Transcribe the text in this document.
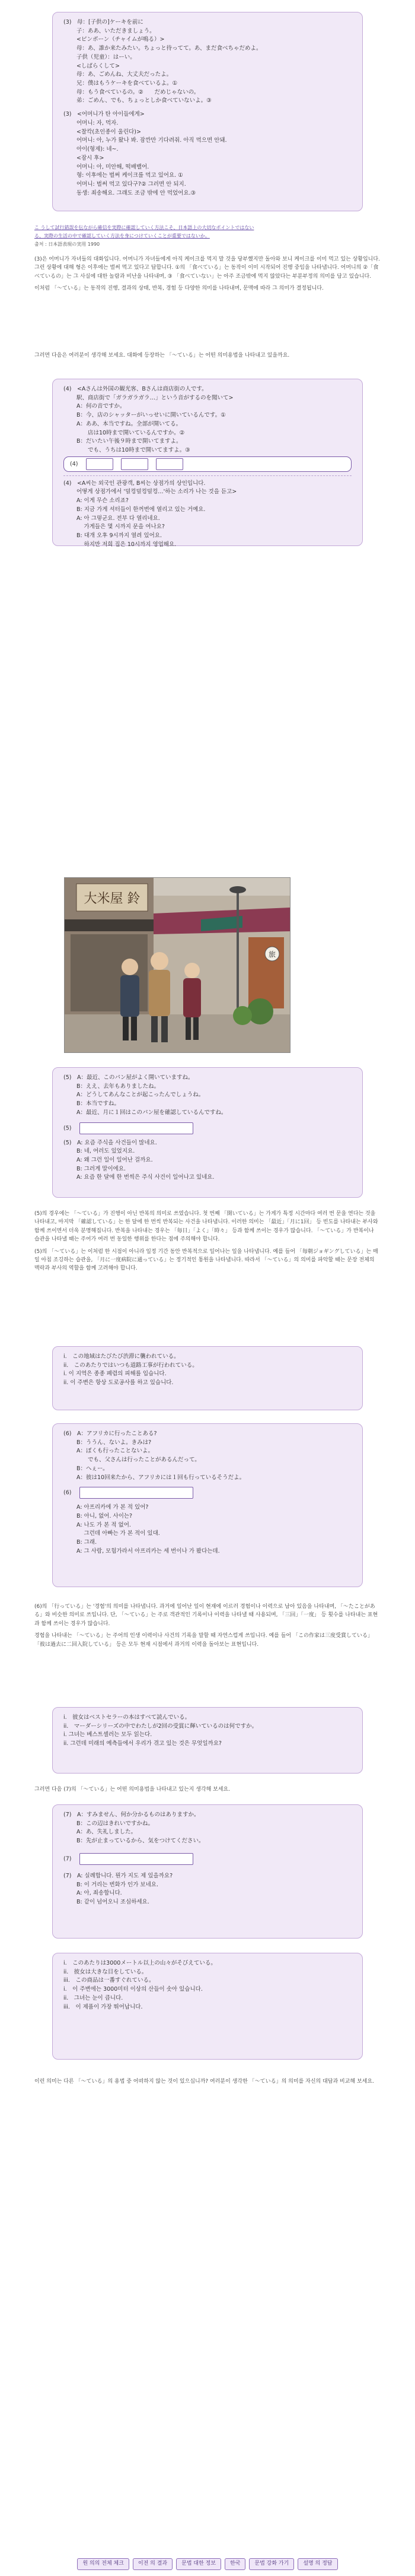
(3)　母：[子供の]ケーキを前に
子：ああ、いただきましょう。
<ピンポーン（チャイムが鳴る）>
母：あ、誰か来たみたい。ちょっと待ってて。あ、まだ食べちゃだめよ。
子供（児童）：はーい。
<しばらくして>
母：あ、ごめんね、大丈夫だったよ。
兄：僕はもうケーキを食べているよ。①
母：もう食べているの。②　　だめじゃないの。
弟：ごめん、でも、ちょっとしか食べていないよ。③
(3)　<어머니가 탄 아이들에게>
어머니: 자, 먹자.
<찰칵(초인종이 울린다)>
어머니: 아, 누가 왔나 봐. 잠깐만 기다려줘. 아직 먹으면 안돼.
아이(형제): 네~.
<잠시 후>
어머니: 아, 미안해, 떡배밸어.
형: 이후에는 벌써 케이크를 먹고 있어요. ①
어머니: 벌써 먹고 있다구?② 그러면 안 되지.
동생: 죄송해요. 그래도 조금 밖에 안 먹었어요.③
こ うして試行錯誤を伝ながら確信を実際に確認していく方法こそ、日本語上の大切なポイントではない
る、実際の生活の中で確認していく方法を身につけていくことが重要ではないか。
출처 : 日本語表現の実用 1990

(3)은 어머니가 자녀들의 대화입니다. 어머니가 자녀들에게 아직 케이크를 먹지 말 것을 당부했지만 돌아와 보니 케이크를 이미 먹고 있는 상황입니다. 그런 상황에 대해 형은 이후에는 벌써 먹고 있다고 답합니다. ①의 「食べている」는 동작이 이미 시작되어 진행 중임을 나타냅니다. 어머니의 ②「食べているの」는 그 사실에 대한 놀람과 비난을 나타내며, ③ 「食べていない」는 아주 조금밖에 먹지 않았다는 부분부정의 의미를 담고 있습니다.

이처럼 「～ている」는 동작의 진행, 결과의 상태, 반복, 경험 등 다양한 의미를 나타내며, 문맥에 따라 그 의미가 결정됩니다.

그러면 다음은 여러분이 생각해 보세요. 대화에 등장하는 「～ている」는 어떤 의미용법을 나타내고 있을까요.

(4)　<Aさんは外国の観光客、Bさんは商店街の人です。
　　 駅、商店街で「ガラガラガラ…」という音がするのを聞いて>
A：何の音ですか。
B：今、店のシャッターがいっせいに開いているんです。①
A：ああ、本当ですね。全部が開いてる。
　　店は10時まで開いているんですか。②
B：だいたい午後９時まで開いてますよ。
　　でも、うちは10時まで開いてますよ。③
(4)
(4)　<A씨는 외국인 관광객, B씨는 상점가의 상인입니다.
　　 어떻게 상점가에서 '덜컹덜컹덜컹…'하는 소리가 나는 것을 듣고>
A: 이게 무슨 소리죠?
B: 지금 가게 셔터들이 한꺼번에 열리고 있는 거예요.
A: 아 그렇군요. 전부 다 열리네요.
　 가게들은 몇 시까지 문을 여나요?
B: 대개 오후 9시까지 열려 있어요.
　 하지만 저희 집은 10시까지 영업해요.
大米屋 鈴
旅
(5)　A：最近、このパン屋がよく開いていますね。
B：ええ、去年もありましたね。
A：どうしてあんなことが起こったんでしょうね。
B：本当ですね。
A：最近、月に１回はこのパン屋を確認しているんですね。
(5)
(5)　A: 요즘 주식을 사건들이 많네요.
B: 네, 여러도 있었지요.
A: 왜 그런 일이 일어난 걸까요.
B: 그러게 말이에요.
A: 요즘 한 달에 한 번씩은 주식 사건이 일어나고 있네요.

(5)의 경우에는 「～ている」가 진행이 아닌 반복의 의미로 쓰였습니다. 첫 번째 「開いている」는 가게가 특정 시간마다 여러 번 문을 연다는 것을 나타내고, 마지막 「確認している」는 한 달에 한 번씩 반복되는 사건을 나타냅니다. 이러한 의미는 「最近」「月に1回」 등 빈도를 나타내는 부사와 함께 쓰이면서 더욱 분명해집니다. 반복을 나타내는 경우는 「毎日」「よく」「時々」 등과 함께 쓰이는 경우가 많습니다. 「～ている」가 반복이나 습관을 나타낼 때는 주어가 여러 번 동일한 행위를 한다는 점에 주의해야 합니다.

(5)의 「～ている」는 이처럼 한 시점이 아니라 일정 기간 동안 반복적으로 일어나는 일을 나타냅니다. 예를 들어 「毎朝ジョギングしている」는 매일 아침 조깅하는 습관을, 「月に一度病院に通っている」는 정기적인 통원을 나타냅니다. 따라서 「～ている」의 의미를 파악할 때는 문장 전체의 맥락과 부사의 역할을 함께 고려해야 합니다.

i.　この地域はたびたび渋滞に襲われている。
ii.　このあたりではいつも道路工事が行われている。
i. 이 지역은 종종 폐렴의 피해를 입습니다.
ii. 이 주변은 항상 도로공사를 하고 있습니다.
(6)　A：アフリカに行ったことある?
B：ううん、ないよ。きみは?
A：ぼくも行ったことないよ。
　　でも、父さんは行ったことがあるんだって。
B：へぇー。
A：彼は10回来たから、アフリカには１回も行っているそうだよ。
(6)
A: 아프리카에 가 본 적 있어?
B: 아니, 없어. 사이는?
A: 나도 가 본 적 없어.
　 그런데 아빠는 가 본 적이 있대.
B: 그래.
A: 그 사람, 모험가라서 아프리카는 세 번이나 가 봤다는데.

(6)의 「行っている」는 '경험'의 의미를 나타냅니다. 과거에 일어난 일이 현재에 이르러 경험이나 이력으로 남아 있음을 나타내며, 「～たことがある」와 비슷한 의미로 쓰입니다. 단, 「～ている」는 주로 객관적인 기록이나 이력을 나타낼 때 사용되며, 「三回」「一度」 등 횟수를 나타내는 표현과 함께 쓰이는 경우가 많습니다.

경험을 나타내는 「～ている」는 주어의 인생 이력이나 사건의 기록을 말할 때 자연스럽게 쓰입니다. 예를 들어 「この作家は三度受賞している」 「彼は過去に二回入院している」 등은 모두 현재 시점에서 과거의 이력을 돌아보는 표현입니다.

i.　彼女はベストセラーの本はすべて読んでいる。
ii.　マーダーシリーズの中でわたしが2回の受賞に輝いているのは何ですか。
i. 그녀는 베스트셀러는 모두 읽는다.
ii. 그런데 미래의 예측들에서 우리가 겪고 있는 것은 무엇일까요?

그러면 다음 (7)의 「～ている」는 어떤 의미용법을 나타내고 있는지 생각해 보세요.

(7)　A：すみません、何か分かるものはありますか。
B：この辺はきれいですかね。
A：あ、失礼しました。
B：先が止まっているから、気をつけてください。
(7)
(7)　A: 실례합니다. 뭔가 지도 제 있을까요?
B: 이 거리는 번화가 인가 보네요.
A: 아, 죄송합니다.
B: 같이 넘어오니 조심하세요.
i.　このあたりは3000メートル以上の山々がそびえている。
ii.　彼女は大きな目をしている。
iii.　この商品は一番すぐれている。
i.　이 주변에는 3000미터 이상의 산들이 솟아 있습니다.
ii.　그녀는 눈이 큽니다.
iii.　이 제품이 가장 뛰어납니다.

이런 의미는 다른 「～ている」의 용법 중 어떠하지 않는 것이 있으십니까? 여러분이 생각한 「～ている」의 의미를 자신의 대답과 비교해 보세요.

원 의의 전체 체크	이전 의 결과	문법 대한 정보	한국	문법 강화 가기	설명 의 정답
